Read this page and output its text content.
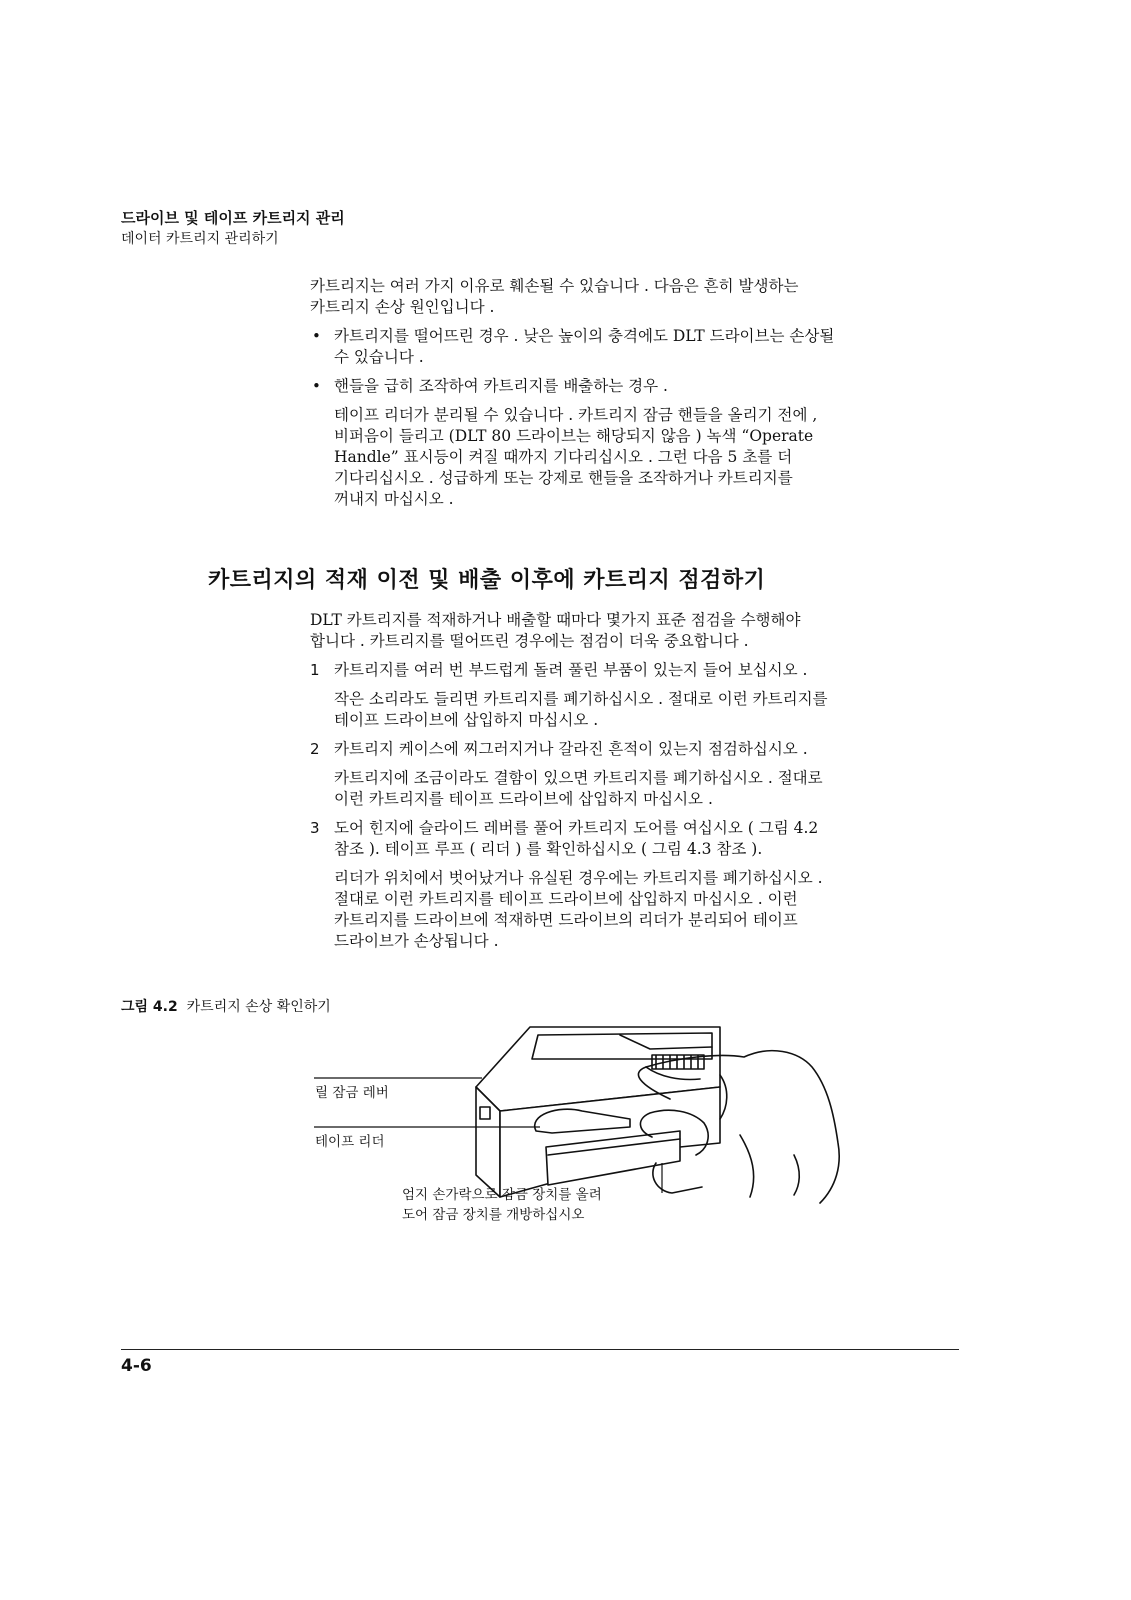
드라이브 및 테이프 카트리지 관리
데이터 카트리지 관리하기

카트리지는 여러 가지 이유로 훼손될 수 있습니다 . 다음은 흔히 발생하는

카트리지 손상 원인입니다 .

• 카트리지를 떨어뜨린 경우 . 낮은 높이의 충격에도 DLT 드라이브는 손상될

수 있습니다 .

• 핸들을 급히 조작하여 카트리지를 배출하는 경우 .

테이프 리더가 분리될 수 있습니다 . 카트리지 잠금 핸들을 올리기 전에 ,

비퍼음이 들리고 (DLT 80 드라이브는 해당되지 않음 ) 녹색 “Operate

Handle” 표시등이 켜질 때까지 기다리십시오 . 그런 다음 5 초를 더

기다리십시오 . 성급하게 또는 강제로 핸들을 조작하거나 카트리지를

꺼내지 마십시오 .

카트리지의 적재 이전 및 배출 이후에 카트리지 점검하기

DLT 카트리지를 적재하거나 배출할 때마다 몇가지 표준 점검을 수행해야

합니다 . 카트리지를 떨어뜨린 경우에는 점검이 더욱 중요합니다 .

1 카트리지를 여러 번 부드럽게 돌려 풀린 부품이 있는지 들어 보십시오 .

작은 소리라도 들리면 카트리지를 폐기하십시오 . 절대로 이런 카트리지를

테이프 드라이브에 삽입하지 마십시오 .

2 카트리지 케이스에 찌그러지거나 갈라진 흔적이 있는지 점검하십시오 .

카트리지에 조금이라도 결함이 있으면 카트리지를 폐기하십시오 . 절대로

이런 카트리지를 테이프 드라이브에 삽입하지 마십시오 .

3 도어 힌지에 슬라이드 레버를 풀어 카트리지 도어를 여십시오 ( 그림 4.2

참조 ). 테이프 루프 ( 리더 ) 를 확인하십시오 ( 그림 4.3 참조 ).

리더가 위치에서 벗어났거나 유실된 경우에는 카트리지를 폐기하십시오 .

절대로 이런 카트리지를 테이프 드라이브에 삽입하지 마십시오 . 이런

카트리지를 드라이브에 적재하면 드라이브의 리더가 분리되어 테이프

드라이브가 손상됩니다 .

그림 4.2 카트리지 손상 확인하기
릴 잠금 레버
테이프 리더
엄지 손가락으로 잠금 장치를 올려
도어 잠금 장치를 개방하십시오
4-6
